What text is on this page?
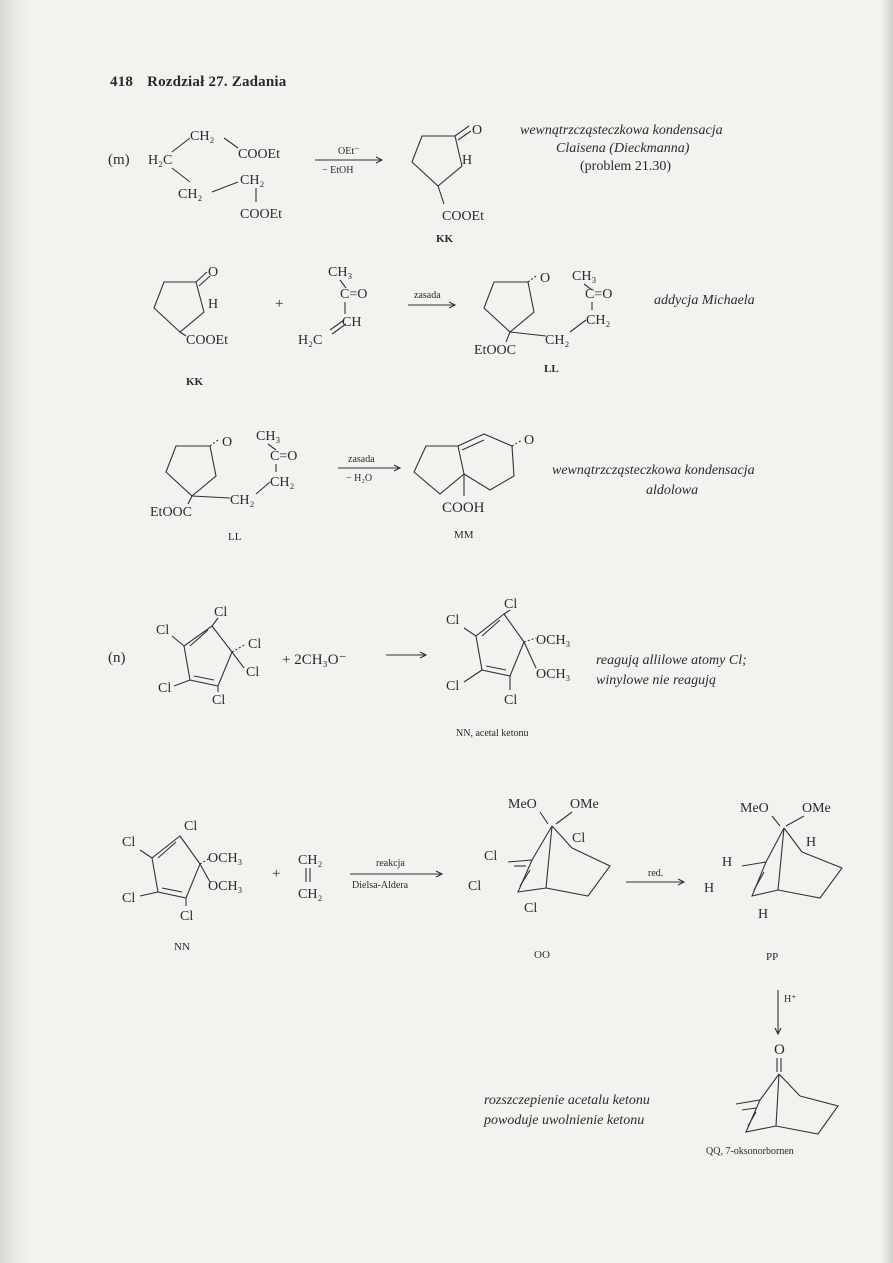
418 Rozdział 27. Zadania
(m) H₂C
CH₂
COOEt
CH₂
CH₂
COOEt
OEt⁻
− EtOH
O
H
COOEt
KK
wewnątrzcząsteczkowa kondensacja
Claisena (Dieckmanna)
(problem 21.30)
O
H
COOEt
KK
+
CH₃
C=O
CH
H₂C
zasada
O CH₃
C=O
CH₂
CH₂
EtOOC
LL
addycja Michaela
O CH₃
C=O
CH₂
CH₂
EtOOC
LL
zasada
− H₂O
O
COOH
MM
wewnątrzcząsteczkowa kondensacja
aldolowa
(n)
Cl
Cl
Cl
Cl
Cl
Cl
+ 2CH₃O⁻
Cl
Cl
OCH₃
OCH₃
Cl
Cl
NN, acetal ketonu
reagują allilowe atomy Cl;
winylowe nie reagują
Cl
Cl
OCH₃
OCH₃
Cl
Cl
NN
+
CH₂
CH₂
reakcja
Dielsa-Aldera
MeO OMe
Cl
Cl
Cl
Cl
OO
red.
MeO OMe
H
H
H
H
PP
H⁺
O
QQ, 7-oksonorbornen
rozszczepienie acetalu ketonu
powoduje uwolnienie ketonu
